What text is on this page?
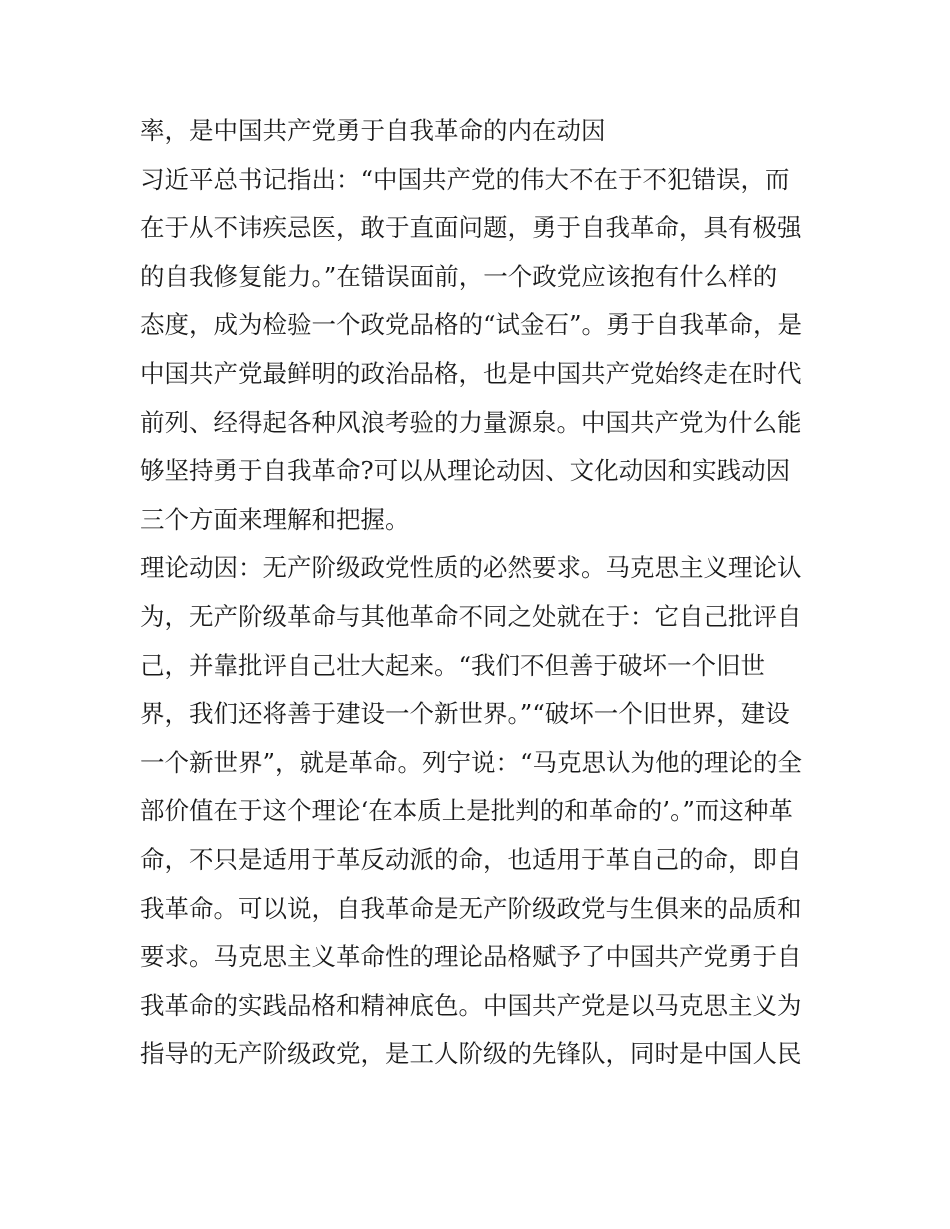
率，是中国共产党勇于自我革命的内在动因
习近平总书记指出：“中国共产党的伟大不在于不犯错误，而
在于从不讳疾忌医，敢于直面问题，勇于自我革命，具有极强
的自我修复能力。”在错误面前，一个政党应该抱有什么样的
态度，成为检验一个政党品格的“试金石”。勇于自我革命，是
中国共产党最鲜明的政治品格，也是中国共产党始终走在时代
前列、经得起各种风浪考验的力量源泉。中国共产党为什么能
够坚持勇于自我革命?可以从理论动因、文化动因和实践动因
三个方面来理解和把握。
理论动因：无产阶级政党性质的必然要求。马克思主义理论认
为，无产阶级革命与其他革命不同之处就在于：它自己批评自
己，并靠批评自己壮大起来。“我们不但善于破坏一个旧世
界，我们还将善于建设一个新世界。”“破坏一个旧世界，建设
一个新世界”，就是革命。列宁说：“马克思认为他的理论的全
部价值在于这个理论‘在本质上是批判的和革命的’。”而这种革
命，不只是适用于革反动派的命，也适用于革自己的命，即自
我革命。可以说，自我革命是无产阶级政党与生俱来的品质和
要求。马克思主义革命性的理论品格赋予了中国共产党勇于自
我革命的实践品格和精神底色。中国共产党是以马克思主义为
指导的无产阶级政党，是工人阶级的先锋队，同时是中国人民
